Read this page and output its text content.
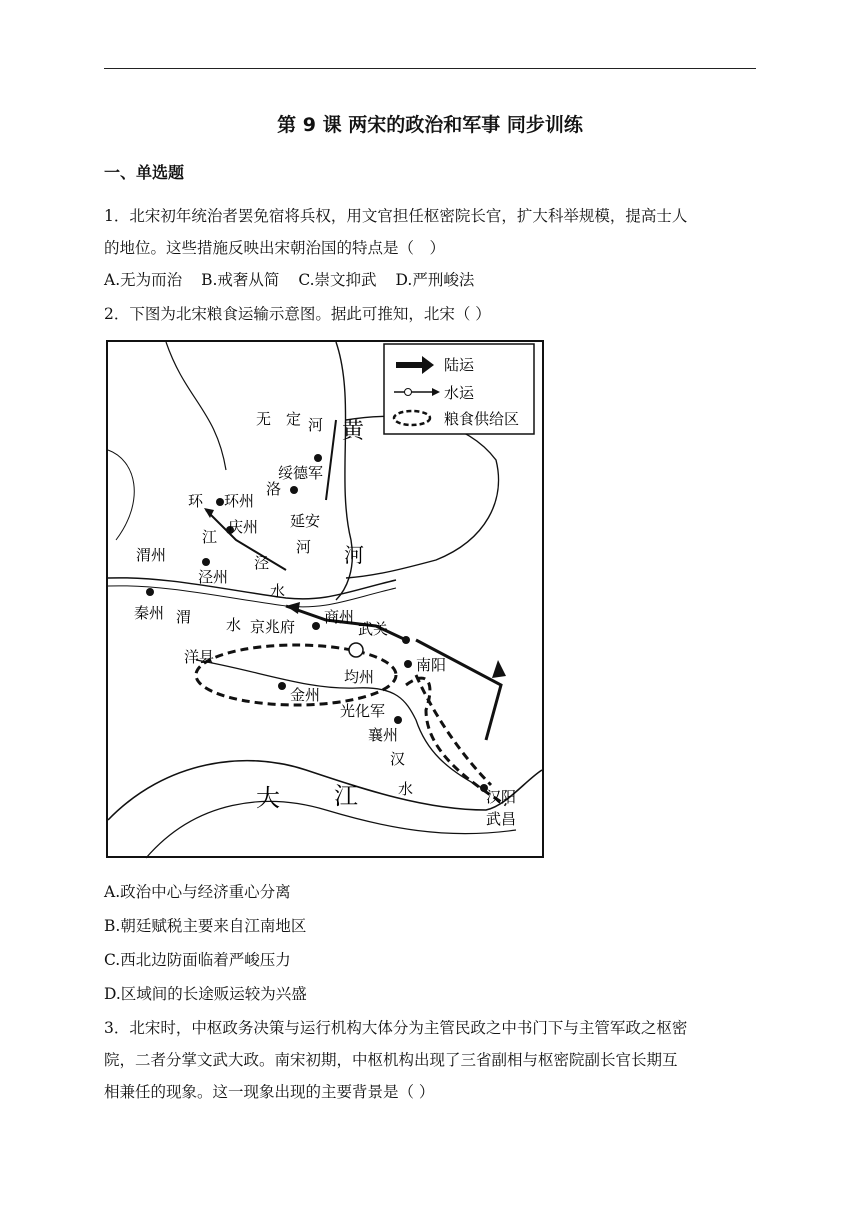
第 9 课 两宋的政治和军事 同步训练
一、单选题
1．北宋初年统治者罢免宿将兵权，用文官担任枢密院长官，扩大科举规模，提高士人
的地位。这些措施反映出宋朝治国的特点是（　）
A.无为而治 B.戒奢从简 C.崇文抑武 D.严刑峻法
2．下图为北宋粮食运输示意图。据此可推知，北宋（ ）
陆运
水运
粮食供给区
无　定 河 黄
绥德军
洛
环 环州
庆州 延安
江
河 河
渭州
泾州
泾
水
秦州 渭 水 京兆府
商州
武关
洋县
金州
均州
南阳
光化军
襄州
汉
水	汉阳
武昌
大 江
A.政治中心与经济重心分离
B.朝廷赋税主要来自江南地区
C.西北边防面临着严峻压力
D.区域间的长途贩运较为兴盛
3．北宋时，中枢政务决策与运行机构大体分为主管民政之中书门下与主管军政之枢密
院，二者分掌文武大政。南宋初期，中枢机构出现了三省副相与枢密院副长官长期互
相兼任的现象。这一现象出现的主要背景是（ ）
